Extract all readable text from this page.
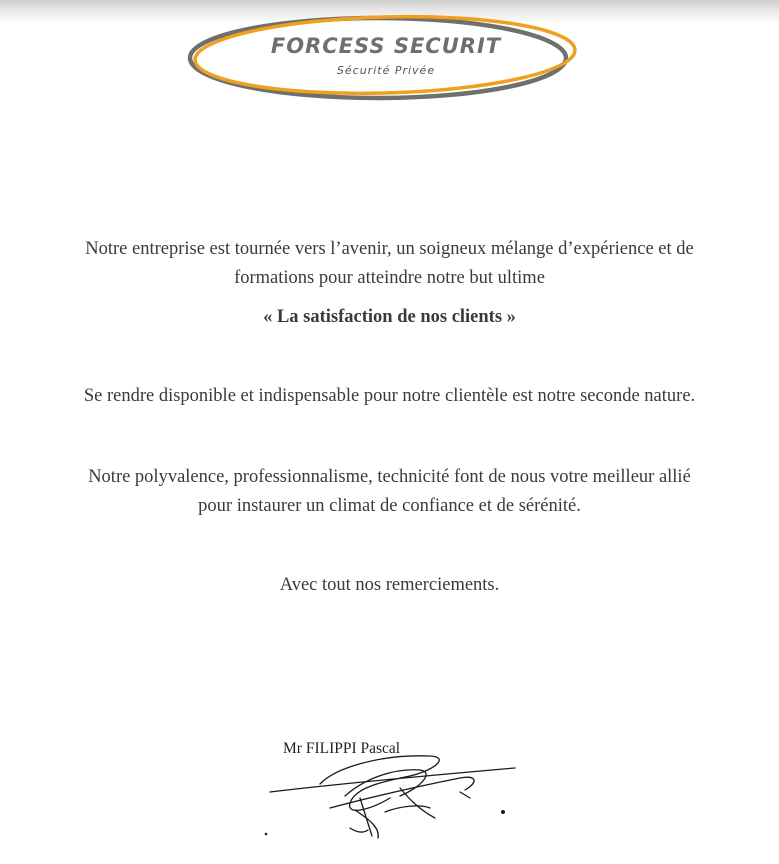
FORCESS SECURIT
Sécurité Privée

Notre entreprise est tournée vers l’avenir, un soigneux mélange d’expérience et de
formations pour atteindre notre but ultime

« La satisfaction de nos clients »

Se rendre disponible et indispensable pour notre clientèle est notre seconde nature.

Notre polyvalence, professionnalisme, technicité font de nous votre meilleur allié
pour instaurer un climat de confiance et de sérénité.

Avec tout nos remerciements.

Mr FILIPPI Pascal
